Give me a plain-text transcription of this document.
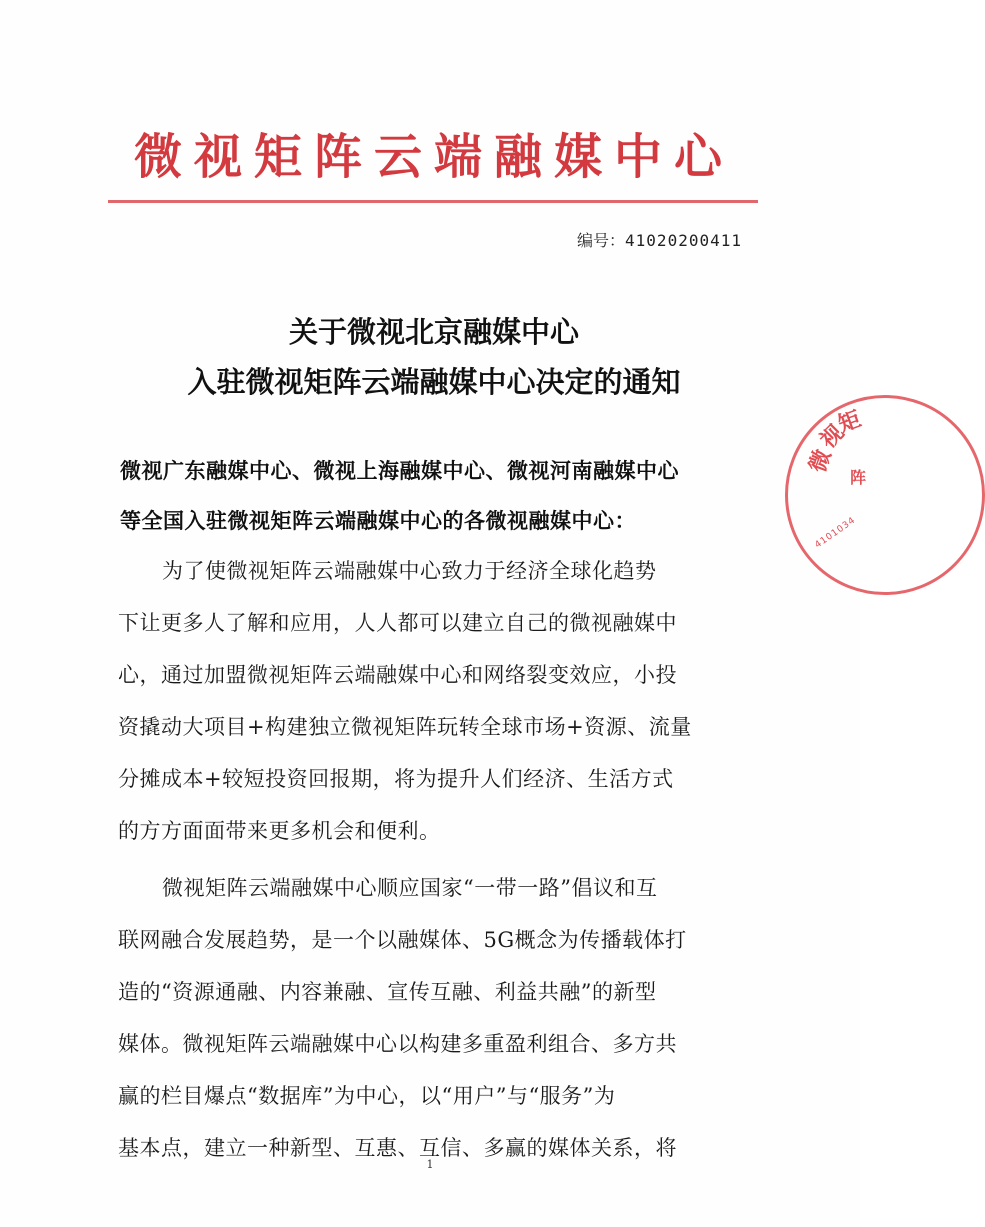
微视矩阵云端融媒中心
编号：41020200411
关于微视北京融媒中心
入驻微视矩阵云端融媒中心决定的通知
微视广东融媒中心、微视上海融媒中心、微视河南融媒中心
等全国入驻微视矩阵云端融媒中心的各微视融媒中心：
为了使微视矩阵云端融媒中心致力于经济全球化趋势
下让更多人了解和应用，人人都可以建立自己的微视融媒中
心，通过加盟微视矩阵云端融媒中心和网络裂变效应，小投
资撬动大项目+构建独立微视矩阵玩转全球市场+资源、流量
分摊成本+较短投资回报期，将为提升人们经济、生活方式
的方方面面带来更多机会和便利。
微视矩阵云端融媒中心顺应国家“一带一路”倡议和互
联网融合发展趋势，是一个以融媒体、5G概念为传播载体打
造的“资源通融、内容兼融、宣传互融、利益共融”的新型
媒体。微视矩阵云端融媒中心以构建多重盈利组合、多方共
赢的栏目爆点“数据库”为中心，以“用户”与“服务”为
基本点，建立一种新型、互惠、互信、多赢的媒体关系，将
微
视
矩
阵
4101034
1
